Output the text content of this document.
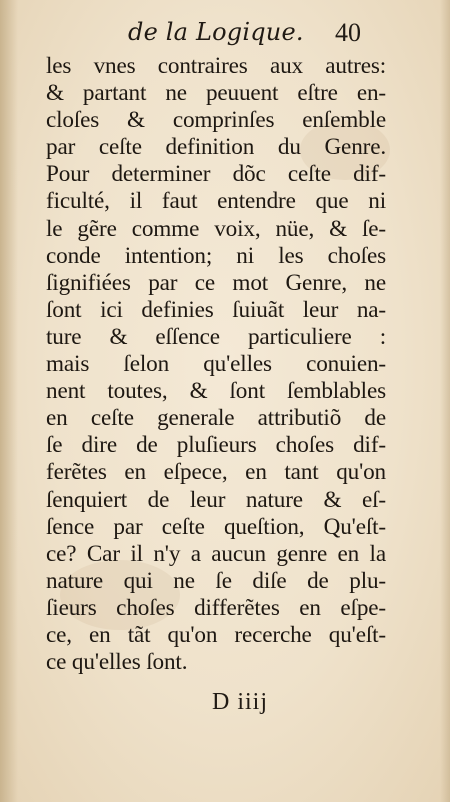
de la Logique. 40
les vnes contraires aux autres:
& partant ne peuuent eſtre en-
cloſes & comprinſes enſemble
par ceſte definition du Genre.
Pour determiner dõc ceſte dif-
ficulté, il faut entendre que ni
le gẽre comme voix, nüe, & ſe-
conde intention; ni les choſes
ſignifiées par ce mot Genre, ne
ſont ici definies ſuiuãt leur na-
ture & eſſence particuliere :
mais ſelon qu'elles conuien-
nent toutes, & ſont ſemblables
en ceſte generale attributiõ de
ſe dire de pluſieurs choſes dif-
ferẽtes en eſpece, en tant qu'on
ſenquiert de leur nature & eſ-
ſence par ceſte queſtion, Qu'eſt-
ce? Car il n'y a aucun genre en la
nature qui ne ſe diſe de plu-
ſieurs choſes differẽtes en eſpe-
ce, en tãt qu'on recerche qu'eſt-
ce qu'elles ſont.
D iiij
